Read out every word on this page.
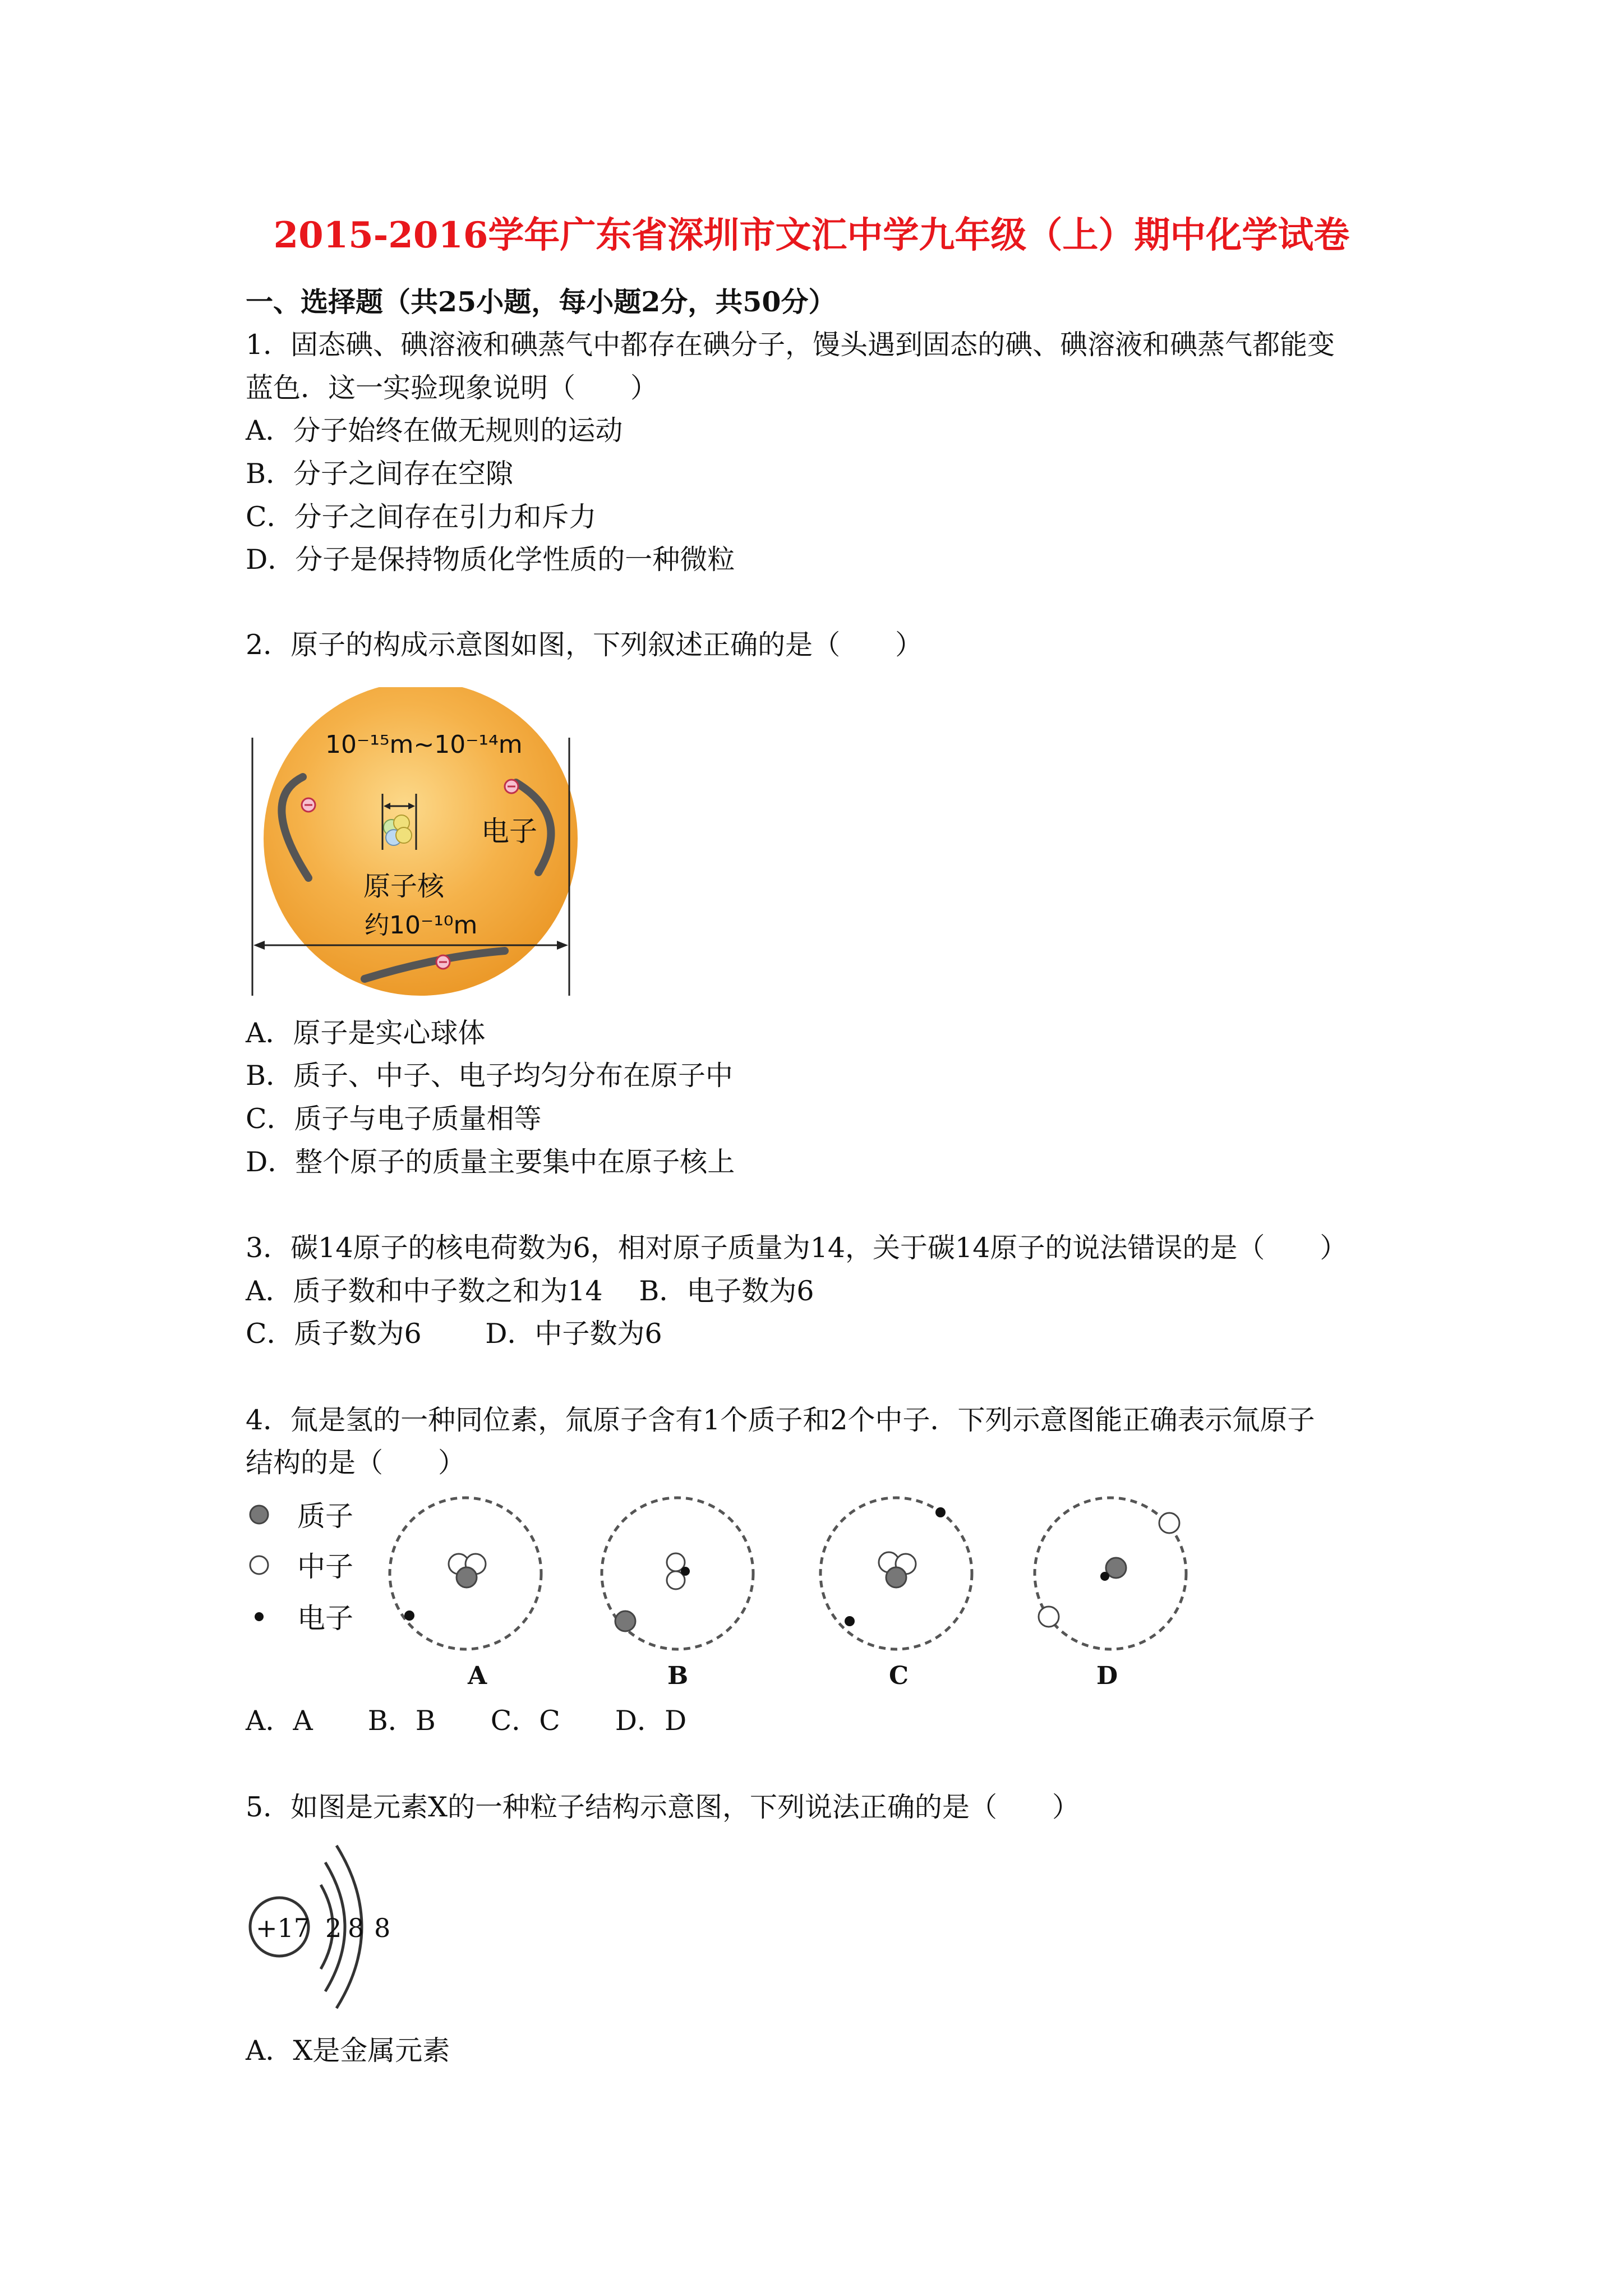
2015-2016学年广东省深圳市文汇中学九年级（上）期中化学试卷
一、选择题（共25小题，每小题2分，共50分）
1．固态碘、碘溶液和碘蒸气中都存在碘分子，馒头遇到固态的碘、碘溶液和碘蒸气都能变
蓝色．这一实验现象说明（　　）
A．分子始终在做无规则的运动
B．分子之间存在空隙
C．分子之间存在引力和斥力
D．分子是保持物质化学性质的一种微粒
2．原子的构成示意图如图，下列叙述正确的是（　　）
10⁻¹⁵m~10⁻¹⁴m
电子
原子核
约10⁻¹⁰m
A．原子是实心球体
B．质子、中子、电子均匀分布在原子中
C．质子与电子质量相等
D．整个原子的质量主要集中在原子核上
3．碳14原子的核电荷数为6，相对原子质量为14，关于碳14原子的说法错误的是（　　）
A．质子数和中子数之和为14　 B．电子数为6
C．质子数为6　　 D．中子数为6
4．氚是氢的一种同位素，氚原子含有1个质子和2个中子．下列示意图能正确表示氚原子
结构的是（　　）
质子
中子
电子
A	B	C	D
A．A　　B．B　　C．C　　D．D
5．如图是元素X的一种粒子结构示意图，下列说法正确的是（　　）
+17 2 8 8
A．X是金属元素
